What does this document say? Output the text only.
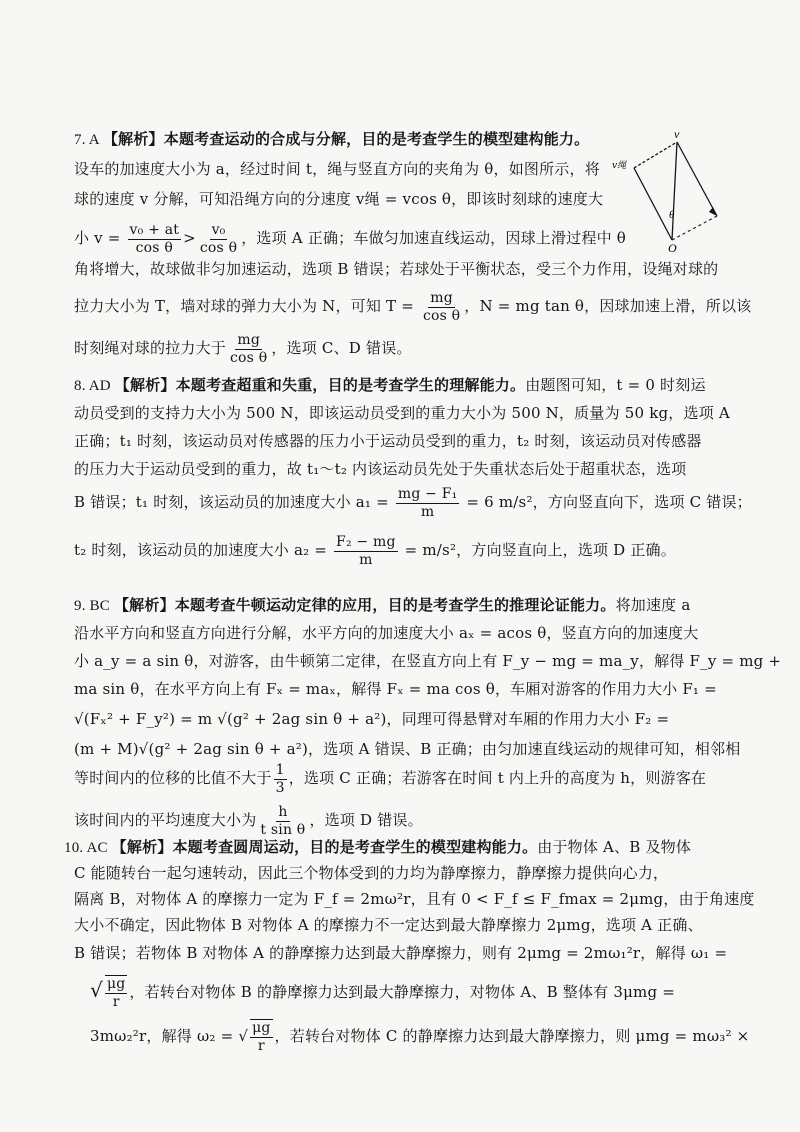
7. A 【解析】本题考查运动的合成与分解，目的是考查学生的模型建构能力。
设车的加速度大小为 a，经过时间 t，绳与竖直方向的夹角为 θ，如图所示，将
球的速度 v 分解，可知沿绳方向的分速度 v绳 = vcos θ，即该时刻球的速度大
小 $v = \frac{\text{v₀ + at}}{\text{cos θ}} > \frac{\text{v₀}}{\text{cos θ}}$ ，选项 A 正确；车做匀加速直线运动，因球上滑过程中 θ
角将增大，故球做非匀加速运动，选项 B 错误；若球处于平衡状态，受三个力作用，设绳对球的
拉力大小为 T，墙对球的弹力大小为 N，可知 $T = \frac{mg}{\text{cos θ}}$ ，N = mg tan θ，因球加速上滑，所以该
时刻绳对球的拉力大于 $\frac{mg}{\text{cos θ}}$ ，选项 C、D 错误。
v
v绳
θ
O
8. AD 【解析】本题考查超重和失重，目的是考查学生的理解能力。由题图可知，t = 0 时刻运
动员受到的支持力大小为 500 N，即该运动员受到的重力大小为 500 N，质量为 50 kg，选项 A
正确；t₁ 时刻，该运动员对传感器的压力小于运动员受到的重力，t₂ 时刻，该运动员对传感器
的压力大于运动员受到的重力，故 t₁～t₂ 内该运动员先处于失重状态后处于超重状态，选项
B 错误；t₁ 时刻，该运动员的加速度大小 $a_1 = \frac{\text{mg − F₁}}{m} = 6$ m/s²，方向竖直向下，选项 C 错误；
t₂ 时刻，该运动员的加速度大小 $a_2 = \frac{\text{F₂ − mg}}{m} = m/s^2$，方向竖直向上，选项 D 正确。
9. BC 【解析】本题考查牛顿运动定律的应用，目的是考查学生的推理论证能力。将加速度 a
沿水平方向和竖直方向进行分解，水平方向的加速度大小 aₓ = acos θ，竖直方向的加速度大
小 a_y = a sin θ，对游客，由牛顿第二定律，在竖直方向上有 F_y − mg = ma_y，解得 F_y = mg +
ma sin θ，在水平方向上有 Fₓ = maₓ，解得 Fₓ = ma cos θ，车厢对游客的作用力大小 F₁ =
√(Fₓ² + F_y²) = m √(g² + 2ag sin θ + a²)，同理可得悬臂对车厢的作用力大小 F₂ =
(m + M)√(g² + 2ag sin θ + a²)，选项 A 错误、B 正确；由匀加速直线运动的规律可知，相邻相
等时间内的位移的比值不大于 $\frac{1}{3}$ ，选项 C 正确；若游客在时间 t 内上升的高度为 h，则游客在
该时间内的平均速度大小为 $\frac{h}{\text{t sin θ}}$ ，选项 D 错误。
10. AC 【解析】本题考查圆周运动，目的是考查学生的模型建构能力。由于物体 A、B 及物体
C 能随转台一起匀速转动，因此三个物体受到的力均为静摩擦力，静摩擦力提供向心力，
隔离 B，对物体 A 的摩擦力一定为 F_f = 2mω²r，且有 0 < F_f ≤ F_fmax = 2μmg，由于角速度
大小不确定，因此物体 B 对物体 A 的摩擦力不一定达到最大静摩擦力 2μmg，选项 A 正确、
B 错误；若物体 B 对物体 A 的静摩擦力达到最大静摩擦力，则有 2μmg = 2mω₁²r，解得 ω₁ =
√ $\frac{\mu g}{r}$ ，若转台对物体 B 的静摩擦力达到最大静摩擦力，对物体 A、B 整体有 3μmg =
3mω₂²r，解得 ω₂ = √ $\frac{\mu g}{r}$ ，若转台对物体 C 的静摩擦力达到最大静摩擦力，则 μmg = mω₃² ×
